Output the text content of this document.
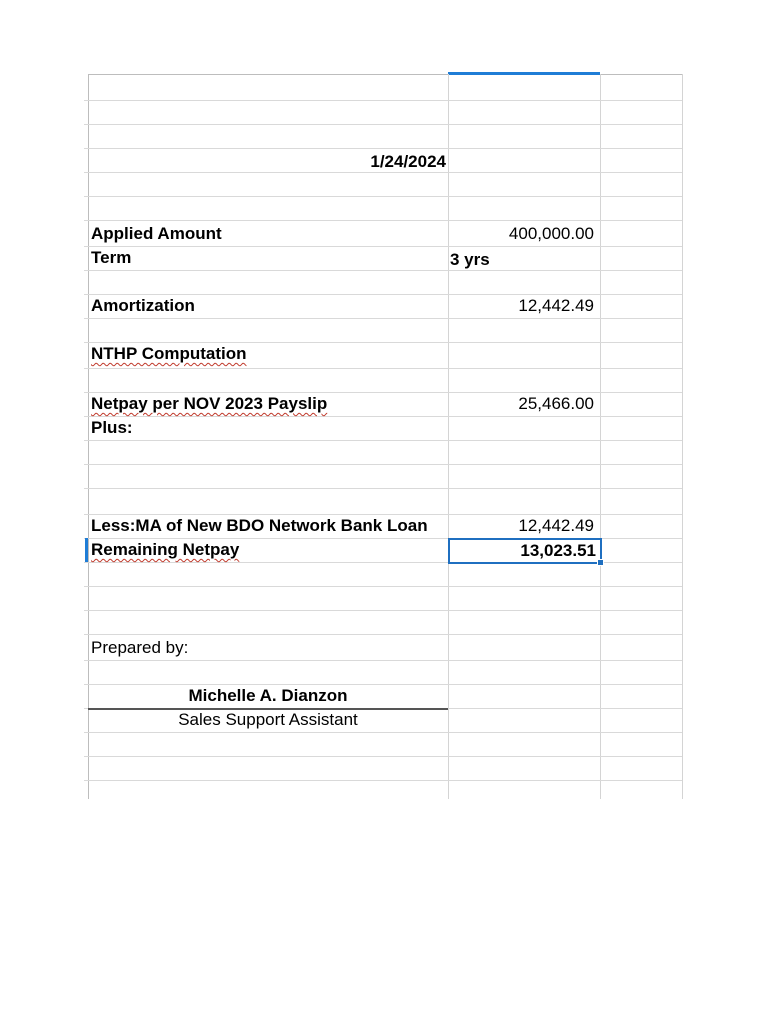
1/24/2024
Applied Amount	400,000.00
Term	3 yrs
Amortization	12,442.49
NTHP Computation
Netpay per NOV 2023 Payslip	25,466.00
Plus:
Less:MA of New BDO Network Bank Loan	12,442.49
Remaining Netpay	13,023.51
Prepared by:
Michelle A. Dianzon
Sales Support Assistant
